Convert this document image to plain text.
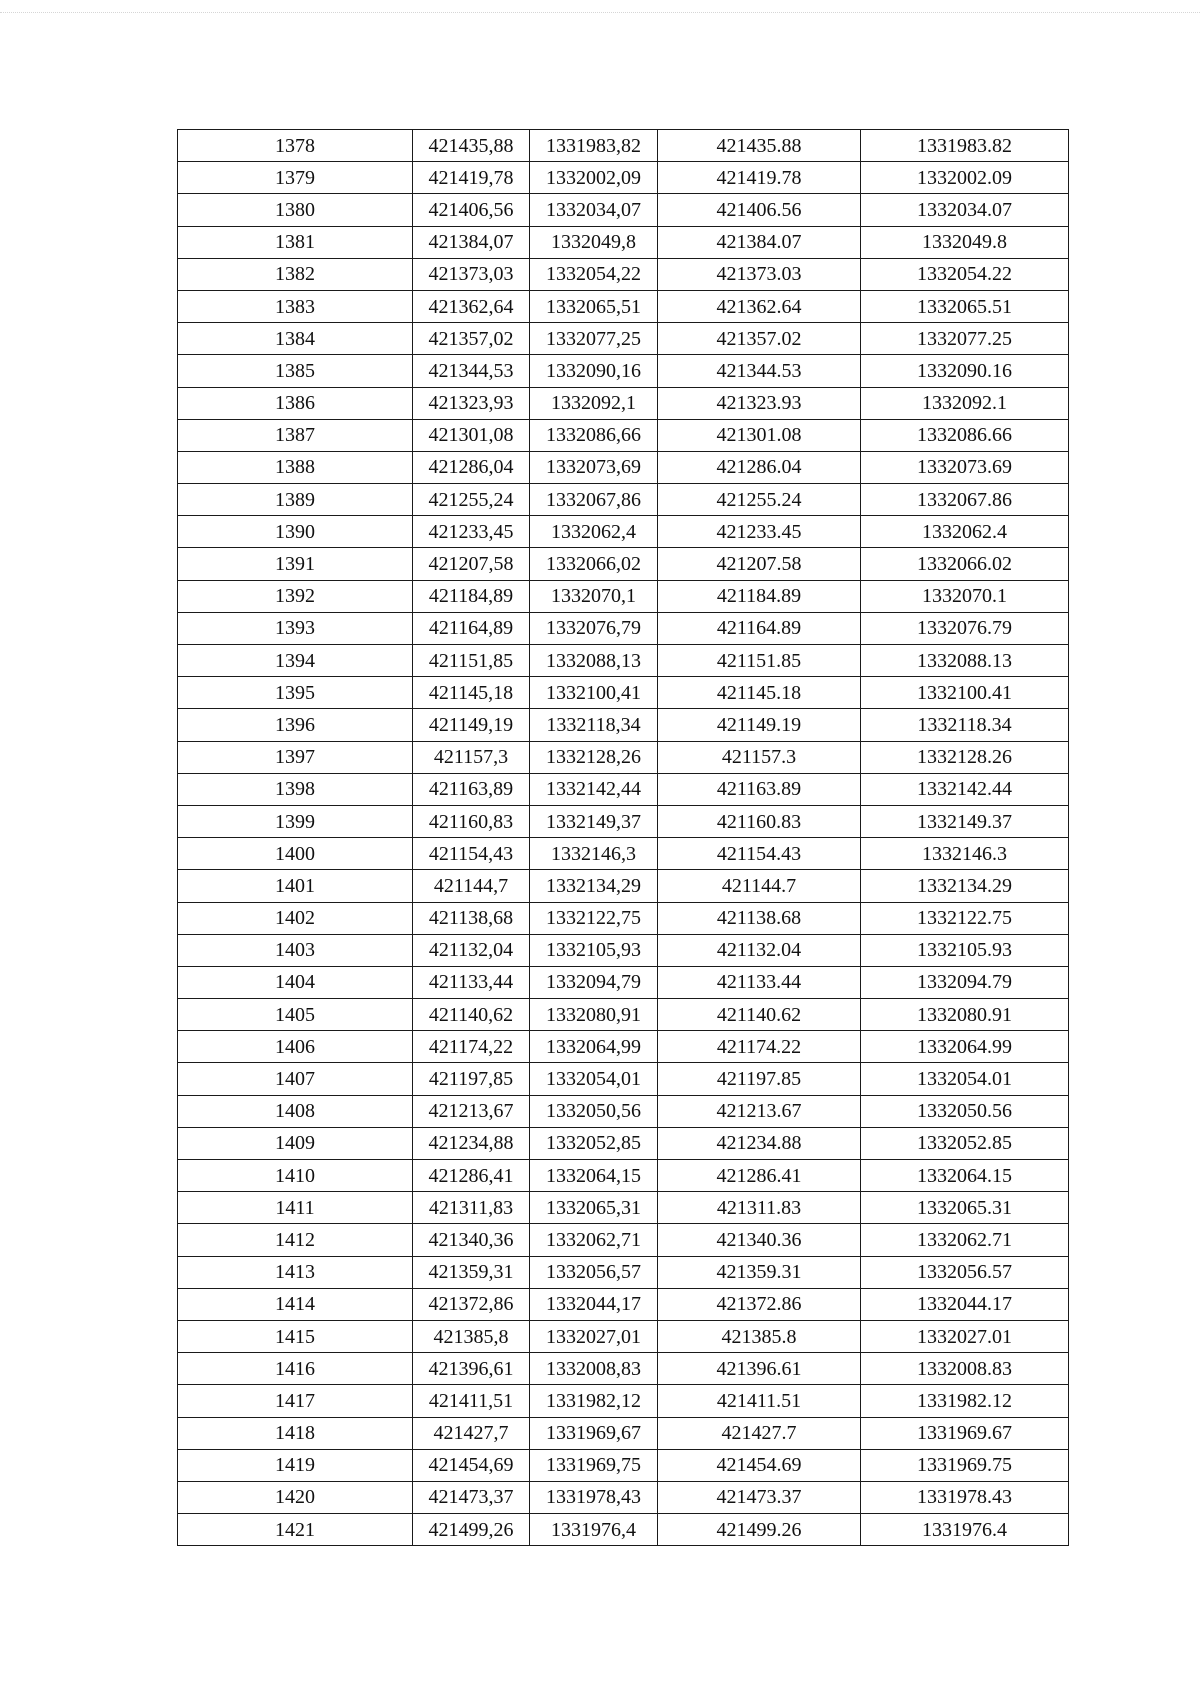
1378	421435,88	1331983,82	421435.88	1331983.82
1379	421419,78	1332002,09	421419.78	1332002.09
1380	421406,56	1332034,07	421406.56	1332034.07
1381	421384,07	1332049,8	421384.07	1332049.8
1382	421373,03	1332054,22	421373.03	1332054.22
1383	421362,64	1332065,51	421362.64	1332065.51
1384	421357,02	1332077,25	421357.02	1332077.25
1385	421344,53	1332090,16	421344.53	1332090.16
1386	421323,93	1332092,1	421323.93	1332092.1
1387	421301,08	1332086,66	421301.08	1332086.66
1388	421286,04	1332073,69	421286.04	1332073.69
1389	421255,24	1332067,86	421255.24	1332067.86
1390	421233,45	1332062,4	421233.45	1332062.4
1391	421207,58	1332066,02	421207.58	1332066.02
1392	421184,89	1332070,1	421184.89	1332070.1
1393	421164,89	1332076,79	421164.89	1332076.79
1394	421151,85	1332088,13	421151.85	1332088.13
1395	421145,18	1332100,41	421145.18	1332100.41
1396	421149,19	1332118,34	421149.19	1332118.34
1397	421157,3	1332128,26	421157.3	1332128.26
1398	421163,89	1332142,44	421163.89	1332142.44
1399	421160,83	1332149,37	421160.83	1332149.37
1400	421154,43	1332146,3	421154.43	1332146.3
1401	421144,7	1332134,29	421144.7	1332134.29
1402	421138,68	1332122,75	421138.68	1332122.75
1403	421132,04	1332105,93	421132.04	1332105.93
1404	421133,44	1332094,79	421133.44	1332094.79
1405	421140,62	1332080,91	421140.62	1332080.91
1406	421174,22	1332064,99	421174.22	1332064.99
1407	421197,85	1332054,01	421197.85	1332054.01
1408	421213,67	1332050,56	421213.67	1332050.56
1409	421234,88	1332052,85	421234.88	1332052.85
1410	421286,41	1332064,15	421286.41	1332064.15
1411	421311,83	1332065,31	421311.83	1332065.31
1412	421340,36	1332062,71	421340.36	1332062.71
1413	421359,31	1332056,57	421359.31	1332056.57
1414	421372,86	1332044,17	421372.86	1332044.17
1415	421385,8	1332027,01	421385.8	1332027.01
1416	421396,61	1332008,83	421396.61	1332008.83
1417	421411,51	1331982,12	421411.51	1331982.12
1418	421427,7	1331969,67	421427.7	1331969.67
1419	421454,69	1331969,75	421454.69	1331969.75
1420	421473,37	1331978,43	421473.37	1331978.43
1421	421499,26	1331976,4	421499.26	1331976.4
